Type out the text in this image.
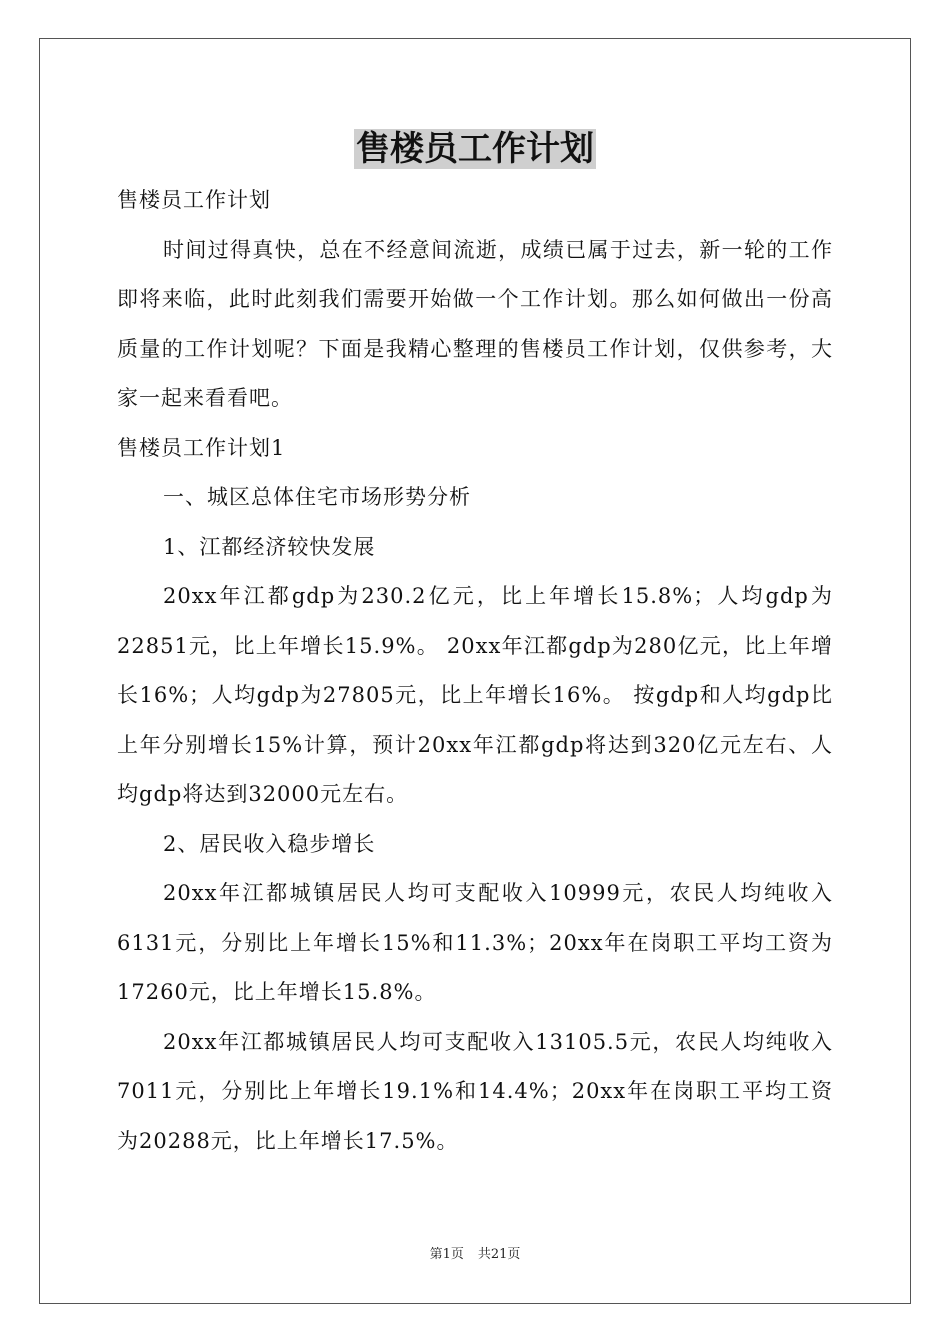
售楼员工作计划

售楼员工作计划

时间过得真快，总在不经意间流逝，成绩已属于过去，新一轮的工作即将来临，此时此刻我们需要开始做一个工作计划。那么如何做出一份高质量的工作计划呢？下面是我精心整理的售楼员工作计划，仅供参考，大家一起来看看吧。

售楼员工作计划1

一、城区总体住宅市场形势分析

1、江都经济较快发展

20xx年江都gdp为230.2亿元，比上年增长15.8%；人均gdp为22851元，比上年增长15.9%。 20xx年江都gdp为280亿元，比上年增长16%；人均gdp为27805元，比上年增长16%。 按gdp和人均gdp比上年分别增长15%计算，预计20xx年江都gdp将达到320亿元左右、人均gdp将达到32000元左右。

2、居民收入稳步增长

20xx年江都城镇居民人均可支配收入10999元，农民人均纯收入6131元，分别比上年增长15%和11.3%；20xx年在岗职工平均工资为17260元，比上年增长15.8%。

20xx年江都城镇居民人均可支配收入13105.5元，农民人均纯收入7011元，分别比上年增长19.1%和14.4%；20xx年在岗职工平均工资为20288元，比上年增长17.5%。

第1页 共21页
